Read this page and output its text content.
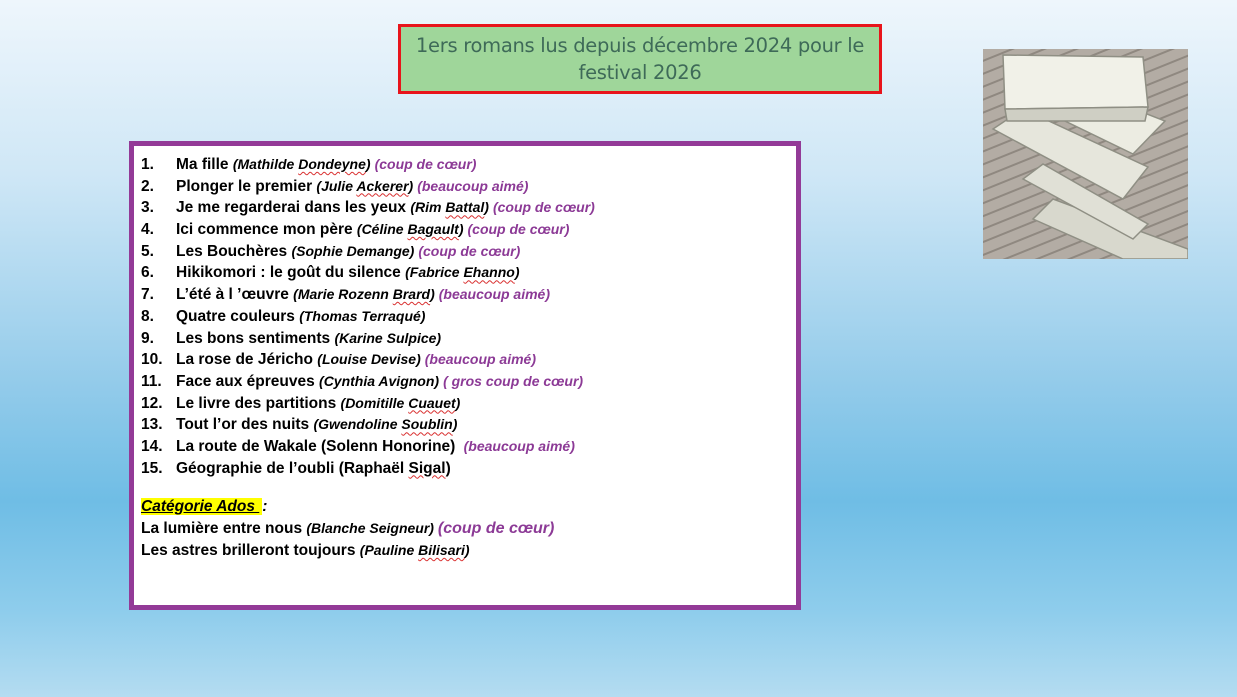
1ers romans lus depuis décembre 2024 pour le
festival 2026
1.	Ma fille (Mathilde Dondeyne) (coup de cœur)
2.	Plonger le premier (Julie Ackerer) (beaucoup aimé)
3.	Je me regarderai dans les yeux (Rim Battal) (coup de cœur)
4.	Ici commence mon père (Céline Bagault) (coup de cœur)
5.	Les Bouchères (Sophie Demange) (coup de cœur)
6.	Hikikomori : le goût du silence (Fabrice Ehanno)
7.	L’été à l ’œuvre (Marie Rozenn Brard) (beaucoup aimé)
8.	Quatre couleurs (Thomas Terraqué)
9.	Les bons sentiments (Karine Sulpice)
10. La rose de Jéricho (Louise Devise) (beaucoup aimé)
11. Face aux épreuves (Cynthia Avignon) ( gros coup de cœur)
12. Le livre des partitions (Domitille Cuauet)
13. Tout l’or des nuits (Gwendoline Soublin)
14. La route de Wakale (Solenn Honorine) (beaucoup aimé)
15. Géographie de l’oubli (Raphaël Sigal)
Catégorie Ados :
La lumière entre nous (Blanche Seigneur) (coup de cœur)
Les astres brilleront toujours (Pauline Bilisari)
